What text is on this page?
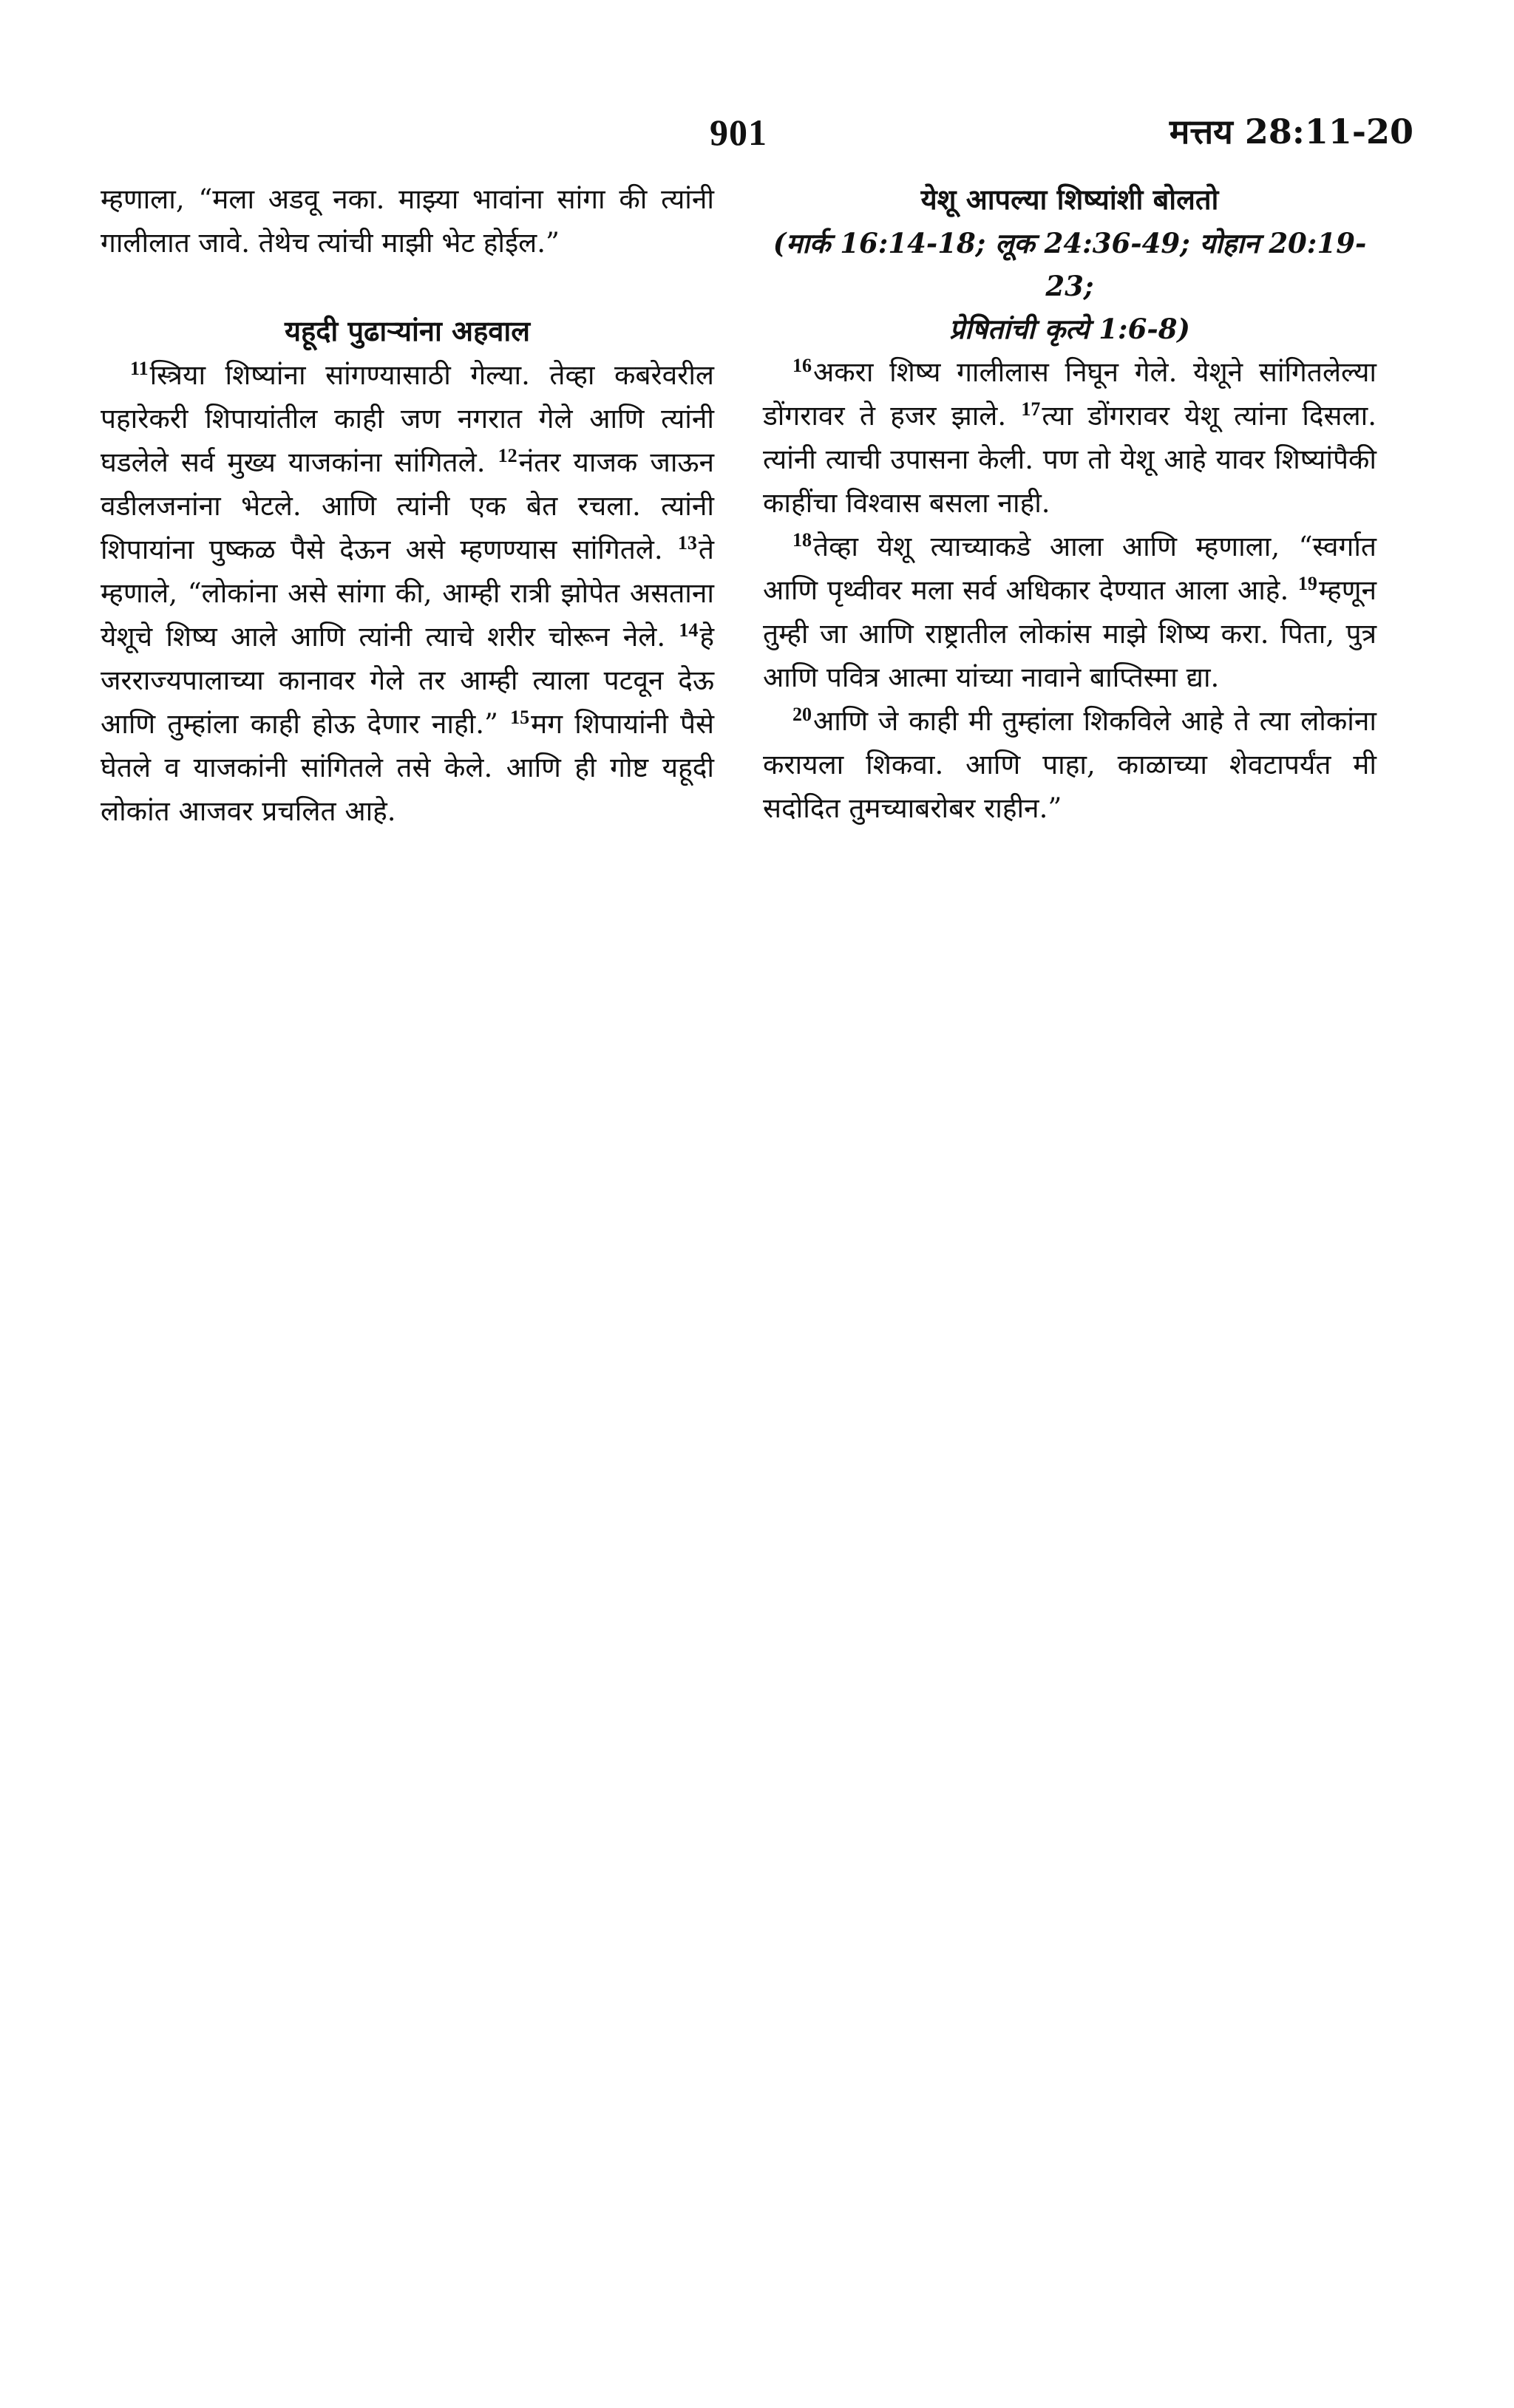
901	मत्तय 28:11-20

म्हणाला, “मला अडवू नका. माझ्या भावांना सांगा की त्यांनी गालीलात जावे. तेथेच त्यांची माझी भेट होईल.”

यहूदी पुढाऱ्यांना अहवाल

$^{11}$स्त्रिया शिष्यांना सांगण्यासाठी गेल्या. तेव्हा कबरेवरील पहारेकरी शिपायांतील काही जण नगरात गेले आणि त्यांनी घडलेले सर्व मुख्य याजकांना सांगितले. $^{12}$नंतर याजक जाऊन वडीलजनांना भेटले. आणि त्यांनी एक बेत रचला. त्यांनी शिपायांना पुष्कळ पैसे देऊन असे म्हणण्यास सांगितले. $^{13}$ते म्हणाले, “लोकांना असे सांगा की, आम्ही रात्री झोपेत असताना येशूचे शिष्य आले आणि त्यांनी त्याचे शरीर चोरून नेले. $^{14}$हे जरराज्यपालाच्या कानावर गेले तर आम्ही त्याला पटवून देऊ आणि तुम्हांला काही होऊ देणार नाही.” $^{15}$मग शिपायांनी पैसे घेतले व याजकांनी सांगितले तसे केले. आणि ही गोष्ट यहूदी लोकांत आजवर प्रचलित आहे.

येशू आपल्या शिष्यांशी बोलतो

(मार्क 16:14-18; लूक 24:36-49; योहान 20:19-23;

प्रेषितांची कृत्ये 1:6-8)

$^{16}$अकरा शिष्य गालीलास निघून गेले. येशूने सांगितलेल्या डोंगरावर ते हजर झाले. $^{17}$त्या डोंगरावर येशू त्यांना दिसला. त्यांनी त्याची उपासना केली. पण तो येशू आहे यावर शिष्यांपैकी काहींचा विश्वास बसला नाही.

$^{18}$तेव्हा येशू त्याच्याकडे आला आणि म्हणाला, “स्वर्गात आणि पृथ्वीवर मला सर्व अधिकार देण्यात आला आहे. $^{19}$म्हणून तुम्ही जा आणि राष्ट्रातील लोकांस माझे शिष्य करा. पिता, पुत्र आणि पवित्र आत्मा यांच्या नावाने बाप्तिस्मा द्या.

$^{20}$आणि जे काही मी तुम्हांला शिकविले आहे ते त्या लोकांना करायला शिकवा. आणि पाहा, काळाच्या शेवटापर्यंत मी सदोदित तुमच्याबरोबर राहीन.”
